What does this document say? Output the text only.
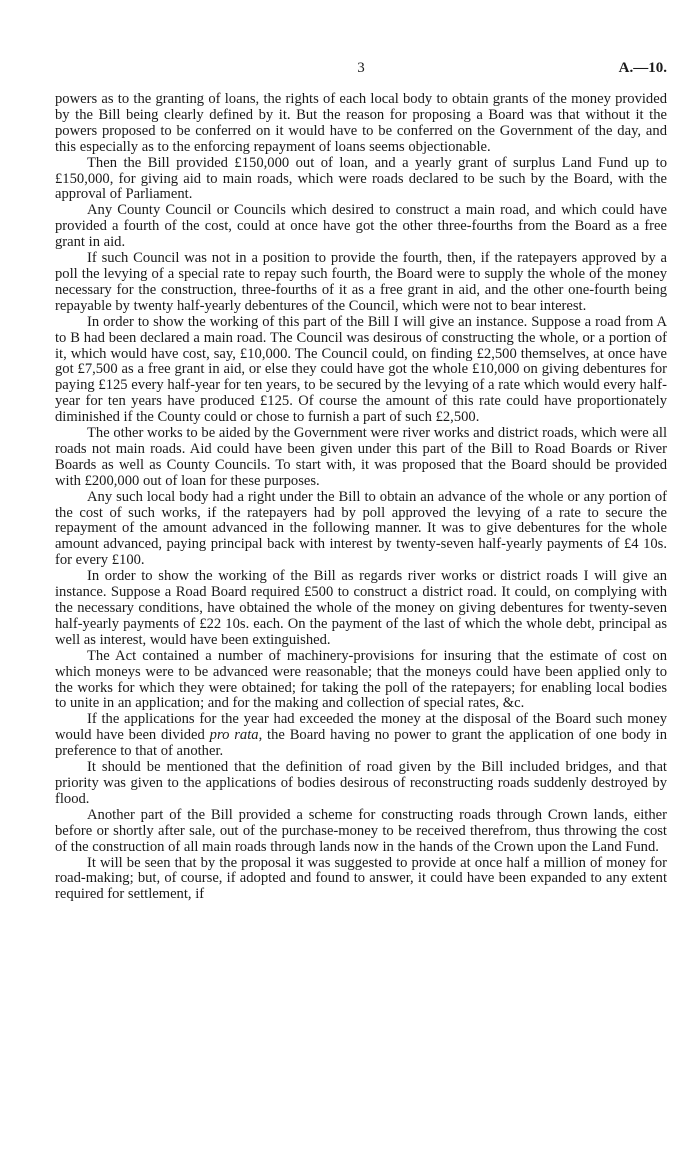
3	A.—10.

powers as to the granting of loans, the rights of each local body to obtain grants of the money provided by the Bill being clearly defined by it. But the reason for proposing a Board was that without it the powers proposed to be conferred on it would have to be conferred on the Government of the day, and this especially as to the enforcing repayment of loans seems objectionable.

Then the Bill provided £150,000 out of loan, and a yearly grant of surplus Land Fund up to £150,000, for giving aid to main roads, which were roads declared to be such by the Board, with the approval of Parliament.

Any County Council or Councils which desired to construct a main road, and which could have provided a fourth of the cost, could at once have got the other three-fourths from the Board as a free grant in aid.

If such Council was not in a position to provide the fourth, then, if the ratepayers approved by a poll the levying of a special rate to repay such fourth, the Board were to supply the whole of the money necessary for the construction, three-fourths of it as a free grant in aid, and the other one-fourth being repayable by twenty half-yearly debentures of the Council, which were not to bear interest.

In order to show the working of this part of the Bill I will give an instance. Suppose a road from A to B had been declared a main road. The Council was desirous of constructing the whole, or a portion of it, which would have cost, say, £10,000. The Council could, on finding £2,500 themselves, at once have got £7,500 as a free grant in aid, or else they could have got the whole £10,000 on giving debentures for paying £125 every half-year for ten years, to be secured by the levying of a rate which would every half-year for ten years have produced £125. Of course the amount of this rate could have proportionately diminished if the County could or chose to furnish a part of such £2,500.

The other works to be aided by the Government were river works and district roads, which were all roads not main roads. Aid could have been given under this part of the Bill to Road Boards or River Boards as well as County Councils. To start with, it was proposed that the Board should be provided with £200,000 out of loan for these purposes.

Any such local body had a right under the Bill to obtain an advance of the whole or any portion of the cost of such works, if the ratepayers had by poll approved the levying of a rate to secure the repayment of the amount advanced in the following manner. It was to give debentures for the whole amount advanced, paying principal back with interest by twenty-seven half-yearly payments of £4 10s. for every £100.

In order to show the working of the Bill as regards river works or district roads I will give an instance. Suppose a Road Board required £500 to construct a district road. It could, on complying with the necessary conditions, have obtained the whole of the money on giving debentures for twenty-seven half-yearly payments of £22 10s. each. On the payment of the last of which the whole debt, principal as well as interest, would have been extinguished.

The Act contained a number of machinery-provisions for insuring that the estimate of cost on which moneys were to be advanced were reasonable; that the moneys could have been applied only to the works for which they were obtained; for taking the poll of the ratepayers; for enabling local bodies to unite in an application; and for the making and collection of special rates, &c.

If the applications for the year had exceeded the money at the disposal of the Board such money would have been divided pro rata, the Board having no power to grant the application of one body in preference to that of another.

It should be mentioned that the definition of road given by the Bill included bridges, and that priority was given to the applications of bodies desirous of reconstructing roads suddenly destroyed by flood.

Another part of the Bill provided a scheme for constructing roads through Crown lands, either before or shortly after sale, out of the purchase-money to be received therefrom, thus throwing the cost of the construction of all main roads through lands now in the hands of the Crown upon the Land Fund.

It will be seen that by the proposal it was suggested to provide at once half a million of money for road-making; but, of course, if adopted and found to answer, it could have been expanded to any extent required for settlement, if
